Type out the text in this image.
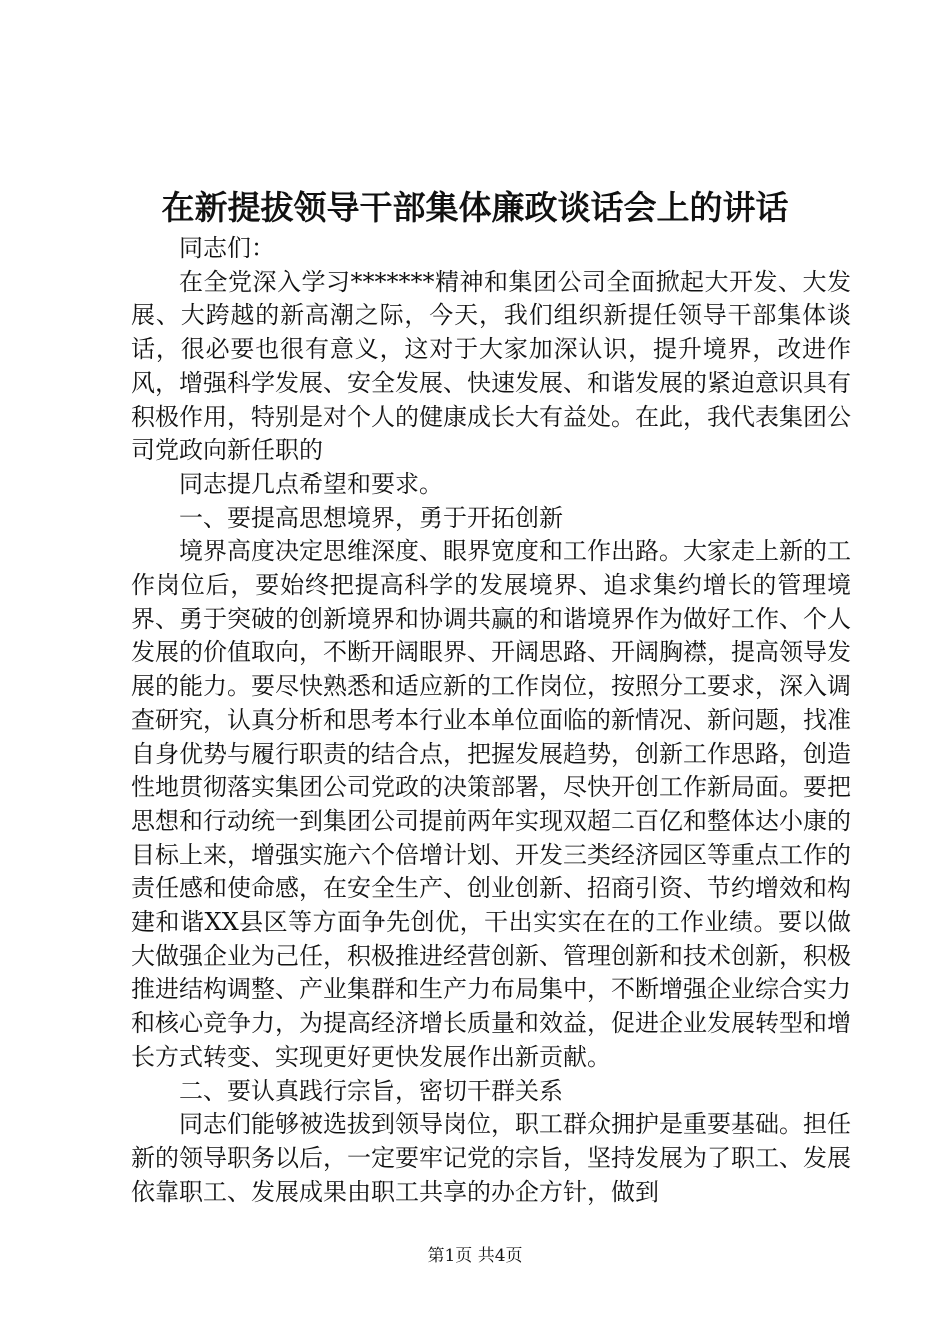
在新提拔领导干部集体廉政谈话会上的讲话

同志们：

在全党深入学习*******精神和集团公司全面掀起大开发、大发展、大跨越的新高潮之际，今天，我们组织新提任领导干部集体谈话，很必要也很有意义，这对于大家加深认识，提升境界，改进作风，增强科学发展、安全发展、快速发展、和谐发展的紧迫意识具有积极作用，特别是对个人的健康成长大有益处。在此，我代表集团公司党政向新任职的

同志提几点希望和要求。

一、要提高思想境界，勇于开拓创新

境界高度决定思维深度、眼界宽度和工作出路。大家走上新的工作岗位后，要始终把提高科学的发展境界、追求集约增长的管理境界、勇于突破的创新境界和协调共赢的和谐境界作为做好工作、个人发展的价值取向，不断开阔眼界、开阔思路、开阔胸襟，提高领导发展的能力。要尽快熟悉和适应新的工作岗位，按照分工要求，深入调查研究，认真分析和思考本行业本单位面临的新情况、新问题，找准自身优势与履行职责的结合点，把握发展趋势，创新工作思路，创造性地贯彻落实集团公司党政的决策部署，尽快开创工作新局面。要把思想和行动统一到集团公司提前两年实现双超二百亿和整体达小康的目标上来，增强实施六个倍增计划、开发三类经济园区等重点工作的责任感和使命感，在安全生产、创业创新、招商引资、节约增效和构建和谐XX县区等方面争先创优，干出实实在在的工作业绩。要以做大做强企业为己任，积极推进经营创新、管理创新和技术创新，积极推进结构调整、产业集群和生产力布局集中，不断增强企业综合实力和核心竞争力，为提高经济增长质量和效益，促进企业发展转型和增长方式转变、实现更好更快发展作出新贡献。

二、要认真践行宗旨，密切干群关系

同志们能够被选拔到领导岗位，职工群众拥护是重要基础。担任新的领导职务以后，一定要牢记党的宗旨，坚持发展为了职工、发展依靠职工、发展成果由职工共享的办企方针，做到

第1页 共4页
